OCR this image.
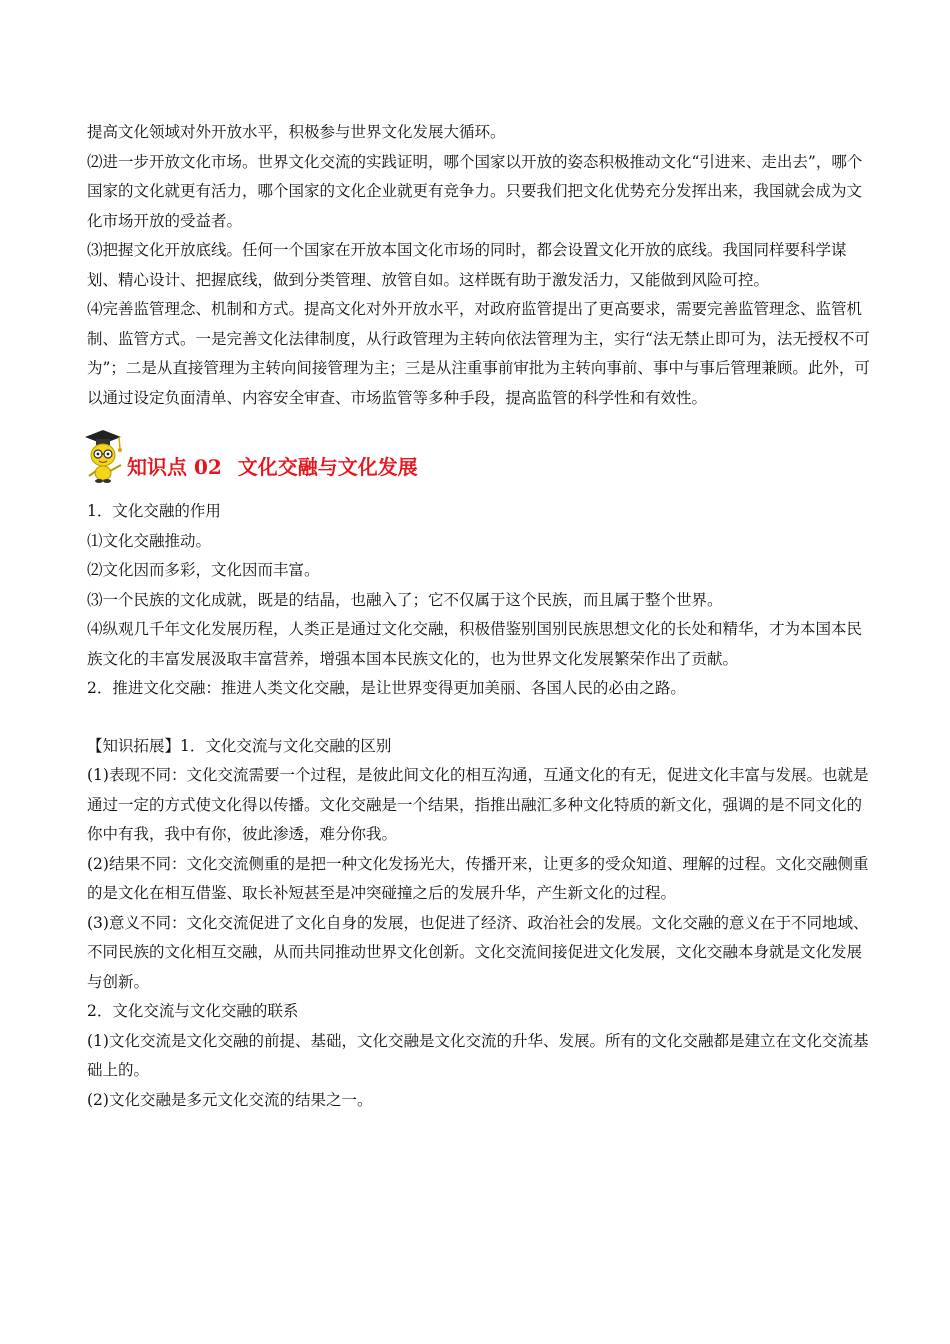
提高文化领域对外开放水平，积极参与世界文化发展大循环。

⑵进一步开放文化市场。世界文化交流的实践证明，哪个国家以开放的姿态积极推动文化“引进来、走出去”，哪个国家的文化就更有活力，哪个国家的文化企业就更有竞争力。只要我们把文化优势充分发挥出来，我国就会成为文化市场开放的受益者。

⑶把握文化开放底线。任何一个国家在开放本国文化市场的同时，都会设置文化开放的底线。我国同样要科学谋划、精心设计、把握底线，做到分类管理、放管自如。这样既有助于激发活力，又能做到风险可控。

⑷完善监管理念、机制和方式。提高文化对外开放水平，对政府监管提出了更高要求，需要完善监管理念、监管机制、监管方式。一是完善文化法律制度，从行政管理为主转向依法管理为主，实行“法无禁止即可为，法无授权不可为”；二是从直接管理为主转向间接管理为主；三是从注重事前审批为主转向事前、事中与事后管理兼顾。此外，可以通过设定负面清单、内容安全审查、市场监管等多种手段，提高监管的科学性和有效性。

知识点 02 文化交融与文化发展

1．文化交融的作用

⑴文化交融推动。

⑵文化因而多彩，文化因而丰富。

⑶一个民族的文化成就，既是的结晶，也融入了；它不仅属于这个民族，而且属于整个世界。

⑷纵观几千年文化发展历程，人类正是通过文化交融，积极借鉴别国别民族思想文化的长处和精华，才为本国本民族文化的丰富发展汲取丰富营养，增强本国本民族文化的，也为世界文化发展繁荣作出了贡献。

2．推进文化交融：推进人类文化交融，是让世界变得更加美丽、各国人民的必由之路。

【知识拓展】1．文化交流与文化交融的区别

(1)表现不同：文化交流需要一个过程，是彼此间文化的相互沟通，互通文化的有无，促进文化丰富与发展。也就是通过一定的方式使文化得以传播。文化交融是一个结果，指推出融汇多种文化特质的新文化，强调的是不同文化的你中有我，我中有你，彼此渗透，难分你我。

(2)结果不同：文化交流侧重的是把一种文化发扬光大，传播开来，让更多的受众知道、理解的过程。文化交融侧重的是文化在相互借鉴、取长补短甚至是冲突碰撞之后的发展升华，产生新文化的过程。

(3)意义不同：文化交流促进了文化自身的发展，也促进了经济、政治社会的发展。文化交融的意义在于不同地域、不同民族的文化相互交融，从而共同推动世界文化创新。文化交流间接促进文化发展，文化交融本身就是文化发展与创新。

2．文化交流与文化交融的联系

(1)文化交流是文化交融的前提、基础，文化交融是文化交流的升华、发展。所有的文化交融都是建立在文化交流基础上的。

(2)文化交融是多元文化交流的结果之一。
